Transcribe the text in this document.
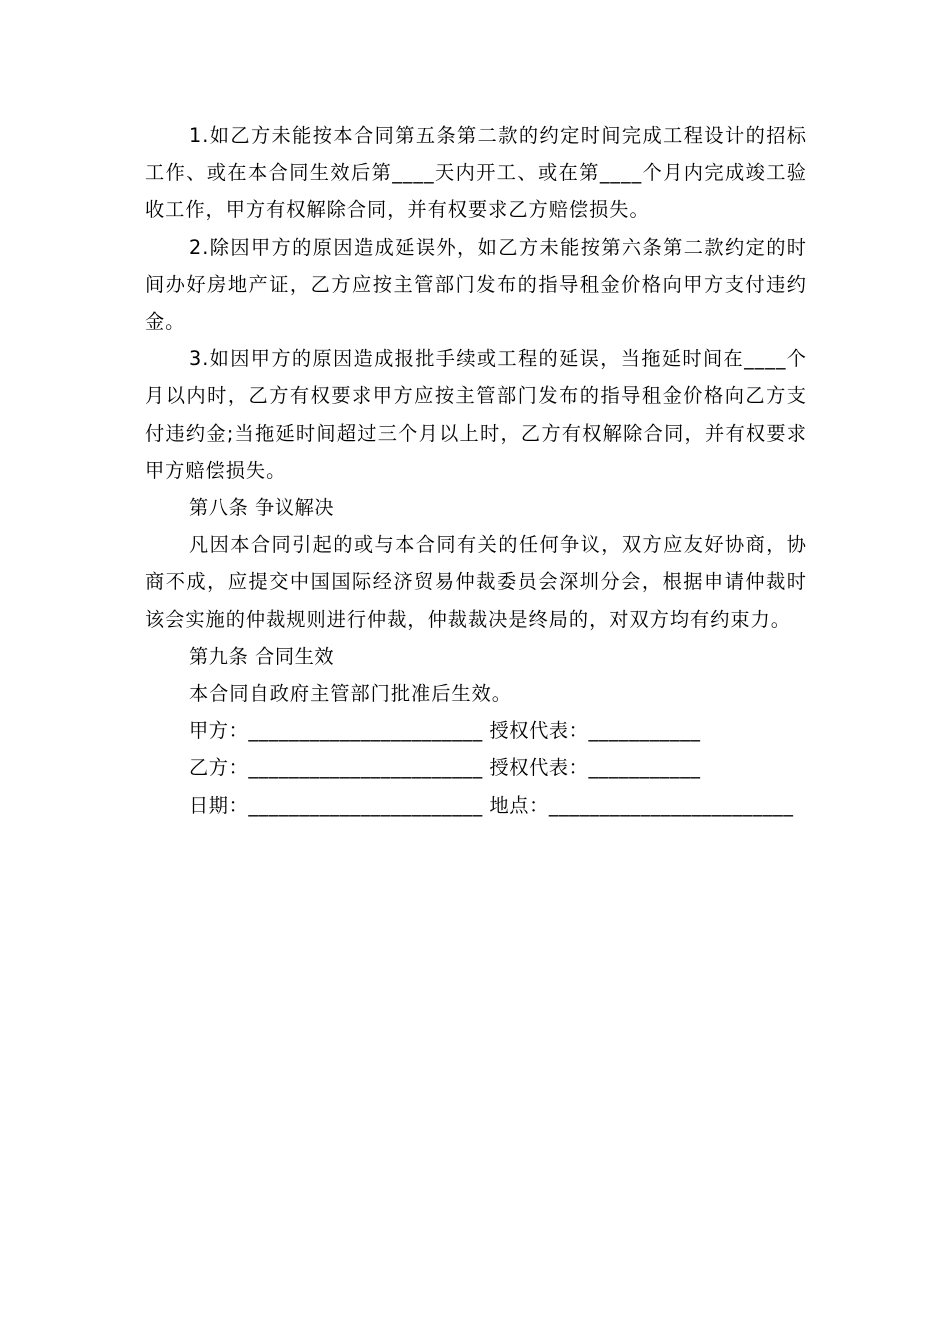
1.如乙方未能按本合同第五条第二款的约定时间完成工程设计的招标工作、或在本合同生效后第____天内开工、或在第____个月内完成竣工验收工作，甲方有权解除合同，并有权要求乙方赔偿损失。

2.除因甲方的原因造成延误外，如乙方未能按第六条第二款约定的时间办好房地产证，乙方应按主管部门发布的指导租金价格向甲方支付违约金。

3.如因甲方的原因造成报批手续或工程的延误，当拖延时间在____个月以内时，乙方有权要求甲方应按主管部门发布的指导租金价格向乙方支付违约金;当拖延时间超过三个月以上时，乙方有权解除合同，并有权要求甲方赔偿损失。

第八条 争议解决

凡因本合同引起的或与本合同有关的任何争议，双方应友好协商，协商不成，应提交中国国际经济贸易仲裁委员会深圳分会，根据申请仲裁时该会实施的仲裁规则进行仲裁，仲裁裁决是终局的，对双方均有约束力。

第九条 合同生效

本合同自政府主管部门批准后生效。

甲方：_______________________ 授权代表：___________

乙方：_______________________ 授权代表：___________

日期：_______________________ 地点：________________________
